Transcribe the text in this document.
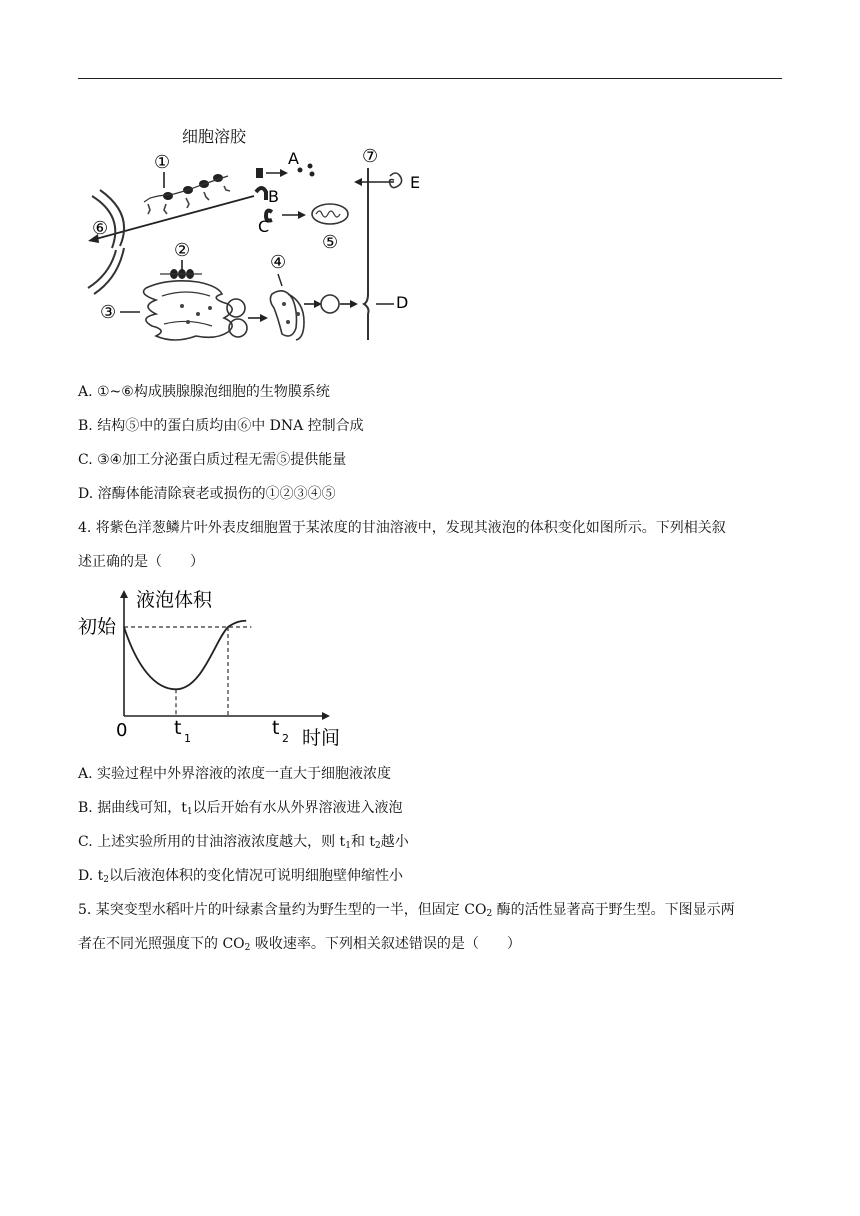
细胞溶胶
①
⑥
A
B
C
⑤
⑦
E
②
③
④
D
A. ①~⑥构成胰腺腺泡细胞的生物膜系统
B. 结构⑤中的蛋白质均由⑥中 DNA 控制合成
C. ③④加工分泌蛋白质过程无需⑤提供能量
D. 溶酶体能清除衰老或损伤的①②③④⑤
4. 将紫色洋葱鳞片叶外表皮细胞置于某浓度的甘油溶液中，发现其液泡的体积变化如图所示。下列相关叙
述正确的是（　　）
液泡体积
初始
0	时间
t 1	t 2
A. 实验过程中外界溶液的浓度一直大于细胞液浓度
B. 据曲线可知，$t_1$以后开始有水从外界溶液进入液泡
C. 上述实验所用的甘油溶液浓度越大，则 $t_1$和 $t_2$越小
D. $t_2$以后液泡体积的变化情况可说明细胞壁伸缩性小
5. 某突变型水稻叶片的叶绿素含量约为野生型的一半，但固定 $CO_2$ 酶的活性显著高于野生型。下图显示两
者在不同光照强度下的 $CO_2$ 吸收速率。下列相关叙述错误的是（　　）
